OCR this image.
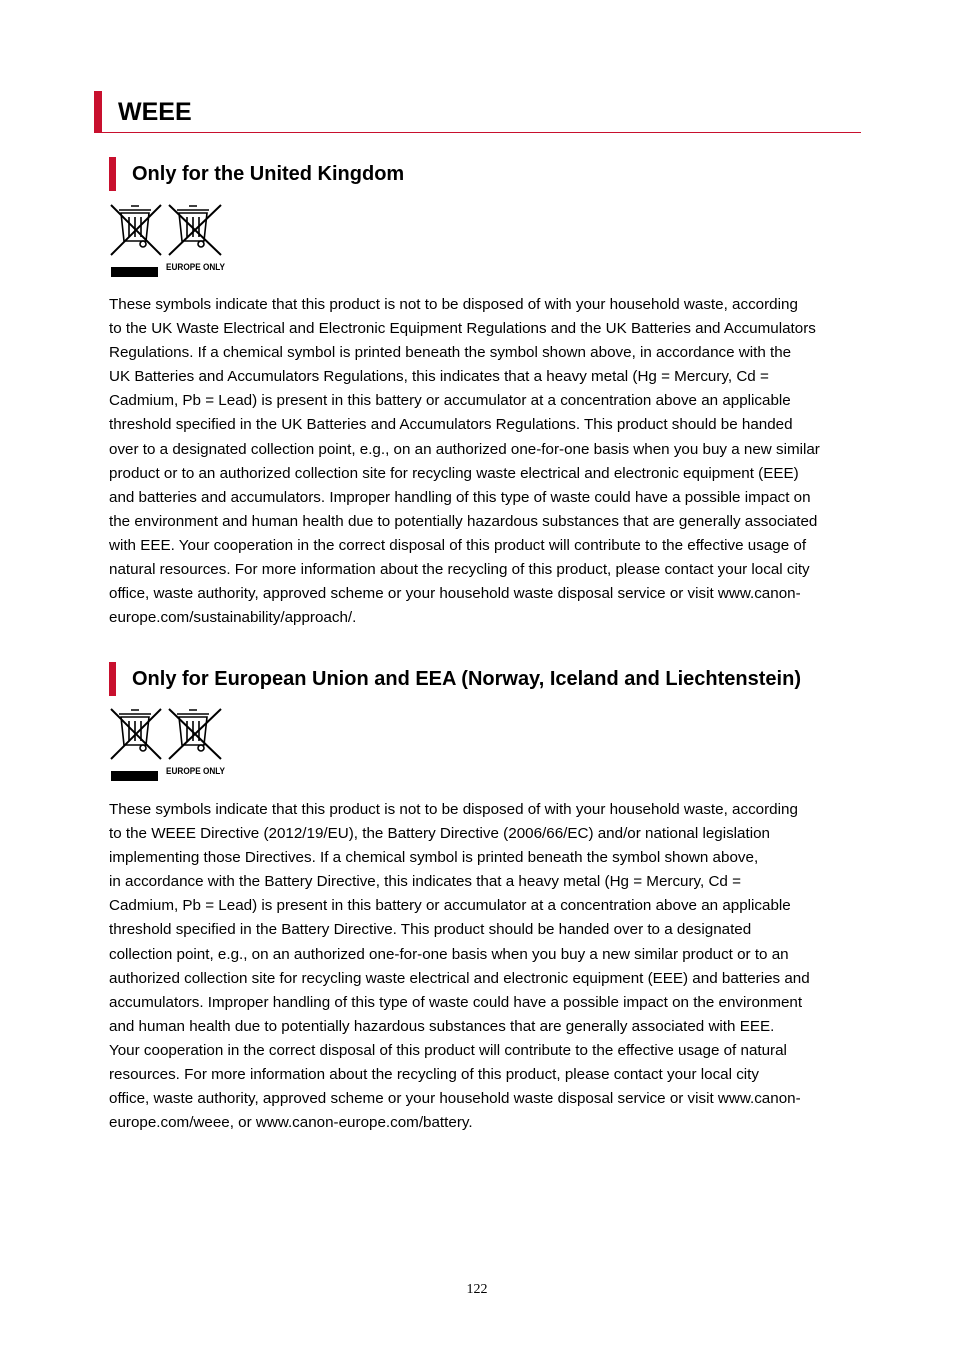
WEEE
Only for the United Kingdom
EUROPE ONLY
These symbols indicate that this product is not to be disposed of with your household waste, according
to the UK Waste Electrical and Electronic Equipment Regulations and the UK Batteries and Accumulators
Regulations. If a chemical symbol is printed beneath the symbol shown above, in accordance with the
UK Batteries and Accumulators Regulations, this indicates that a heavy metal (Hg = Mercury, Cd =
Cadmium, Pb = Lead) is present in this battery or accumulator at a concentration above an applicable
threshold specified in the UK Batteries and Accumulators Regulations. This product should be handed
over to a designated collection point, e.g., on an authorized one-for-one basis when you buy a new similar
product or to an authorized collection site for recycling waste electrical and electronic equipment (EEE)
and batteries and accumulators. Improper handling of this type of waste could have a possible impact on
the environment and human health due to potentially hazardous substances that are generally associated
with EEE. Your cooperation in the correct disposal of this product will contribute to the effective usage of
natural resources. For more information about the recycling of this product, please contact your local city
office, waste authority, approved scheme or your household waste disposal service or visit www.canon-
europe.com/sustainability/approach/.
Only for European Union and EEA (Norway, Iceland and Liechtenstein)
EUROPE ONLY
These symbols indicate that this product is not to be disposed of with your household waste, according
to the WEEE Directive (2012/19/EU), the Battery Directive (2006/66/EC) and/or national legislation
implementing those Directives. If a chemical symbol is printed beneath the symbol shown above,
in accordance with the Battery Directive, this indicates that a heavy metal (Hg = Mercury, Cd =
Cadmium, Pb = Lead) is present in this battery or accumulator at a concentration above an applicable
threshold specified in the Battery Directive. This product should be handed over to a designated
collection point, e.g., on an authorized one-for-one basis when you buy a new similar product or to an
authorized collection site for recycling waste electrical and electronic equipment (EEE) and batteries and
accumulators. Improper handling of this type of waste could have a possible impact on the environment
and human health due to potentially hazardous substances that are generally associated with EEE.
Your cooperation in the correct disposal of this product will contribute to the effective usage of natural
resources. For more information about the recycling of this product, please contact your local city
office, waste authority, approved scheme or your household waste disposal service or visit www.canon-
europe.com/weee, or www.canon-europe.com/battery.
122
